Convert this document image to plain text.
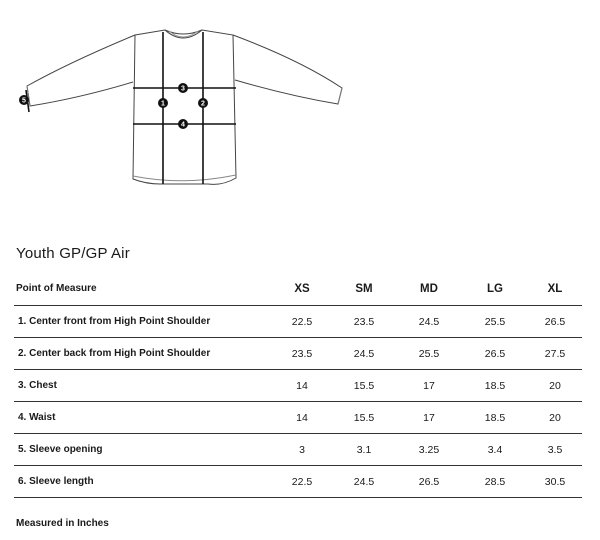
1	2
3
4
5
Youth GP/GP Air
Point of Measure	XS	SM	MD	LG	XL
1. Center front from High Point Shoulder	22.5	23.5	24.5	25.5	26.5
2. Center back from High Point Shoulder	23.5	24.5	25.5	26.5	27.5
3. Chest	14	15.5	17	18.5	20
4. Waist	14	15.5	17	18.5	20
5. Sleeve opening	3	3.1	3.25	3.4	3.5
6. Sleeve length	22.5	24.5	26.5	28.5	30.5
Measured in Inches
